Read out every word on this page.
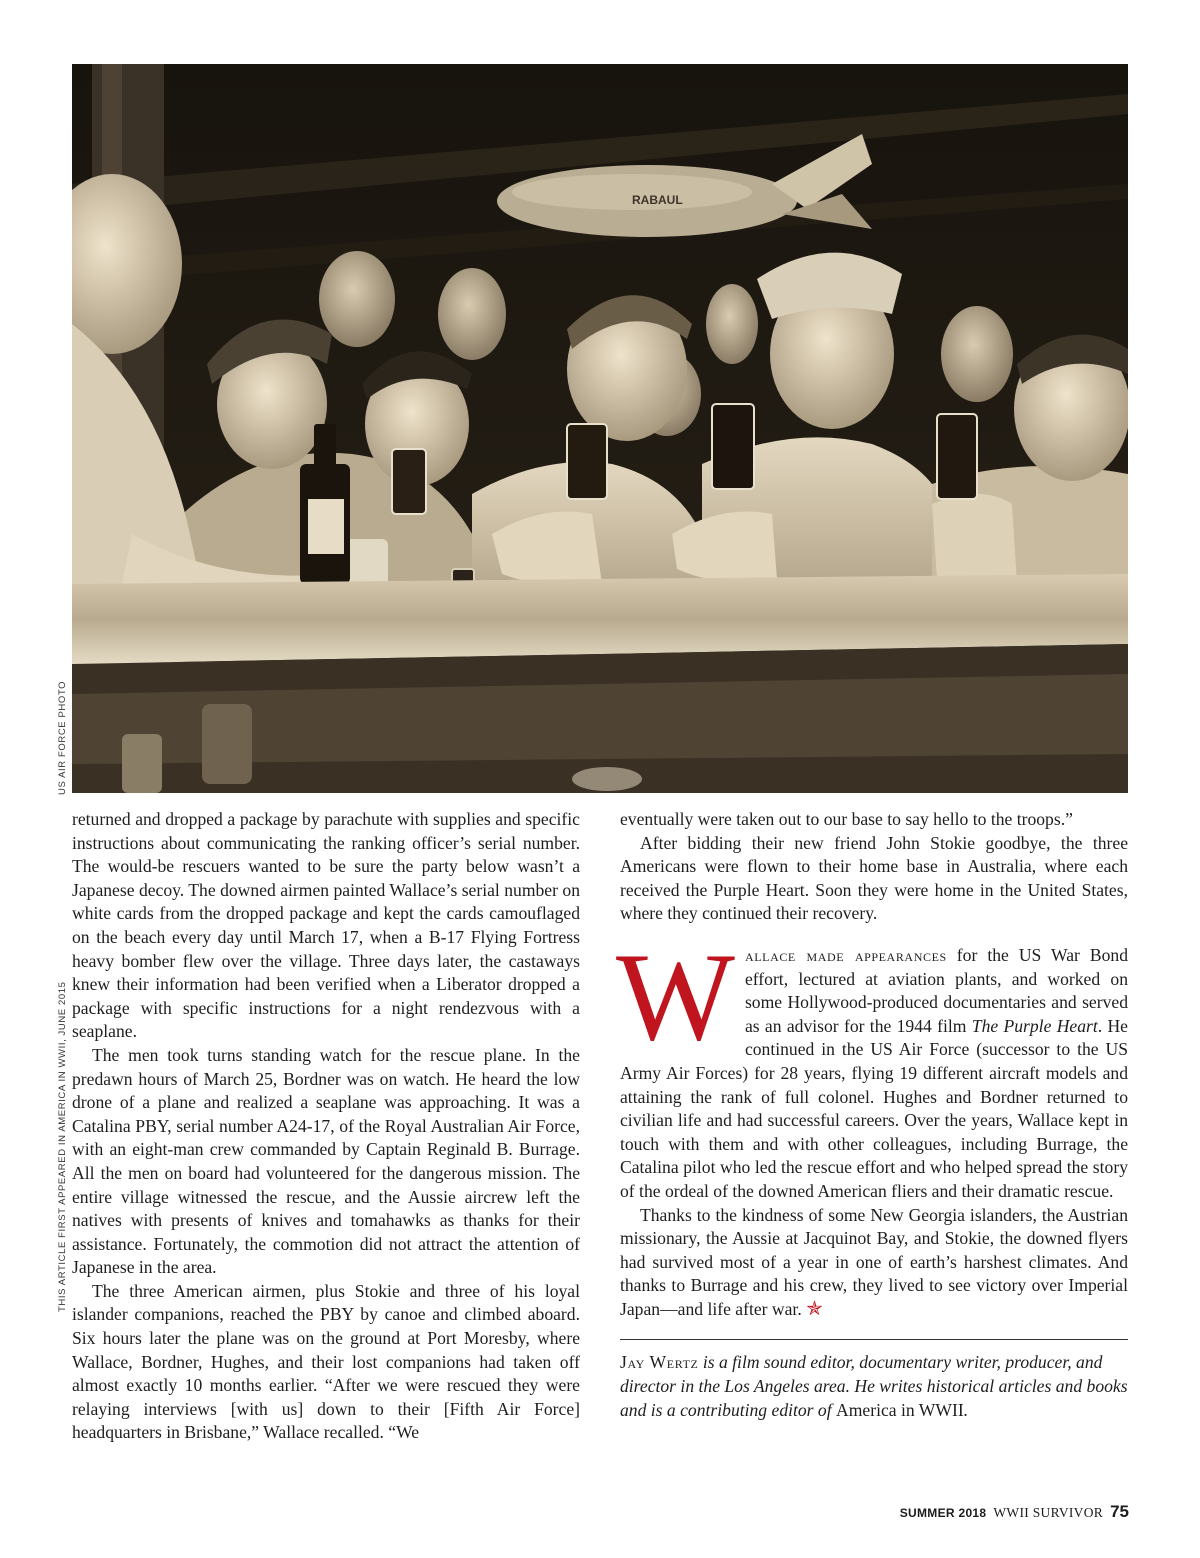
RABAUL
US AIR FORCE PHOTO
THIS ARTICLE FIRST APPEARED IN AMERICA IN WWII, JUNE 2015

returned and dropped a package by parachute with supplies and specific instructions about communicating the ranking officer’s serial number. The would-be rescuers wanted to be sure the party below wasn’t a Japanese decoy. The downed airmen painted Wallace’s serial number on white cards from the dropped package and kept the cards camouflaged on the beach every day until March 17, when a B-17 Flying Fortress heavy bomber flew over the village. Three days later, the castaways knew their information had been verified when a Liberator dropped a package with specific instructions for a night rendezvous with a seaplane.

The men took turns standing watch for the rescue plane. In the predawn hours of March 25, Bordner was on watch. He heard the low drone of a plane and realized a seaplane was approaching. It was a Catalina PBY, serial number A24-17, of the Royal Australian Air Force, with an eight-man crew commanded by Captain Reginald B. Burrage. All the men on board had volunteered for the dangerous mission. The entire village witnessed the rescue, and the Aussie aircrew left the natives with presents of knives and tomahawks as thanks for their assistance. Fortunately, the commotion did not attract the attention of Japanese in the area.

The three American airmen, plus Stokie and three of his loyal islander companions, reached the PBY by canoe and climbed aboard. Six hours later the plane was on the ground at Port Moresby, where Wallace, Bordner, Hughes, and their lost companions had taken off almost exactly 10 months earlier. “After we were rescued they were relaying interviews [with us] down to their [Fifth Air Force] headquarters in Brisbane,” Wallace recalled. “We

eventually were taken out to our base to say hello to the troops.”

After bidding their new friend John Stokie goodbye, the three Americans were flown to their home base in Australia, where each received the Purple Heart. Soon they were home in the United States, where they continued their recovery.

Wallace made appearances for the US War Bond effort, lectured at aviation plants, and worked on some Hollywood-produced documentaries and served as an advisor for the 1944 film The Purple Heart. He continued in the US Air Force (successor to the US Army Air Forces) for 28 years, flying 19 different aircraft models and attaining the rank of full colonel. Hughes and Bordner returned to civilian life and had successful careers. Over the years, Wallace kept in touch with them and with other colleagues, including Burrage, the Catalina pilot who led the rescue effort and who helped spread the story of the ordeal of the downed American fliers and their dramatic rescue.

Thanks to the kindness of some New Georgia islanders, the Austrian missionary, the Aussie at Jacquinot Bay, and Stokie, the downed flyers had survived most of a year in one of earth’s harshest climates. And thanks to Burrage and his crew, they lived to see victory over Imperial Japan—and life after war. ✯

Jay Wertz is a film sound editor, documentary writer, producer, and director in the Los Angeles area. He writes historical articles and books and is a contributing editor of America in WWII.

SUMMER 2018 WWII SURVIVOR 75
